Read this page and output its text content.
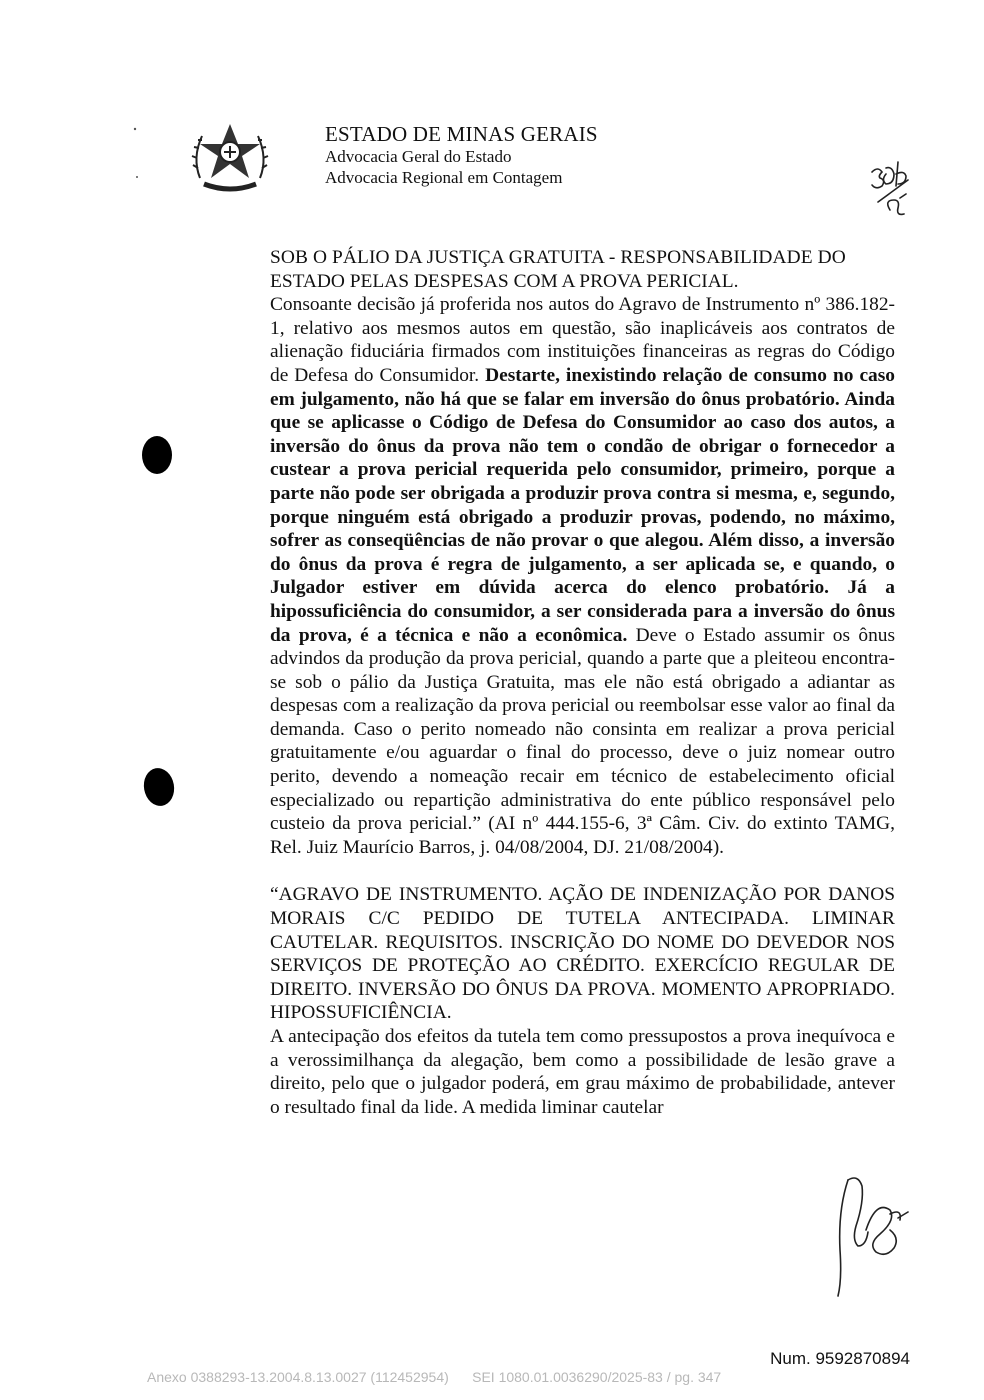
ESTADO DE MINAS GERAIS
Advocacia Geral do Estado
Advocacia Regional em Contagem

SOB O PÁLIO DA JUSTIÇA GRATUITA - RESPONSABILIDADE DO

ESTADO PELAS DESPESAS COM A PROVA PERICIAL.

Consoante decisão já proferida nos autos do Agravo de Instrumento nº 386.182-1, relativo aos mesmos autos em questão, são inaplicáveis aos contratos de alienação fiduciária firmados com instituições financeiras as regras do Código de Defesa do Consumidor. Destarte, inexistindo relação de consumo no caso em julgamento, não há que se falar em inversão do ônus probatório. Ainda que se aplicasse o Código de Defesa do Consumidor ao caso dos autos, a inversão do ônus da prova não tem o condão de obrigar o fornecedor a custear a prova pericial requerida pelo consumidor, primeiro, porque a parte não pode ser obrigada a produzir prova contra si mesma, e, segundo, porque ninguém está obrigado a produzir provas, podendo, no máximo, sofrer as conseqüências de não provar o que alegou. Além disso, a inversão do ônus da prova é regra de julgamento, a ser aplicada se, e quando, o Julgador estiver em dúvida acerca do elenco probatório. Já a hipossuficiência do consumidor, a ser considerada para a inversão do ônus da prova, é a técnica e não a econômica. Deve o Estado assumir os ônus advindos da produção da prova pericial, quando a parte que a pleiteou encontra-se sob o pálio da Justiça Gratuita, mas ele não está obrigado a adiantar as despesas com a realização da prova pericial ou reembolsar esse valor ao final da demanda. Caso o perito nomeado não consinta em realizar a prova pericial gratuitamente e/ou aguardar o final do processo, deve o juiz nomear outro perito, devendo a nomeação recair em técnico de estabelecimento oficial especializado ou repartição administrativa do ente público responsável pelo custeio da prova pericial.” (AI nº 444.155-6, 3ª Câm. Civ. do extinto TAMG, Rel. Juiz Maurício Barros, j. 04/08/2004, DJ. 21/08/2004).

“AGRAVO DE INSTRUMENTO. AÇÃO DE INDENIZAÇÃO POR DANOS MORAIS C/C PEDIDO DE TUTELA ANTECIPADA. LIMINAR CAUTELAR. REQUISITOS. INSCRIÇÃO DO NOME DO DEVEDOR NOS SERVIÇOS DE PROTEÇÃO AO CRÉDITO. EXERCÍCIO REGULAR DE DIREITO. INVERSÃO DO ÔNUS DA PROVA. MOMENTO APROPRIADO. HIPOSSUFICIÊNCIA.

A antecipação dos efeitos da tutela tem como pressupostos a prova inequívoca e a verossimilhança da alegação, bem como a possibilidade de lesão grave a direito, pelo que o julgador poderá, em grau máximo de probabilidade, antever o resultado final da lide. A medida liminar cautelar

Num. 9592870894
Anexo 0388293-13.2004.8.13.0027 (112452954)      SEI 1080.01.0036290/2025-83 / pg. 347
